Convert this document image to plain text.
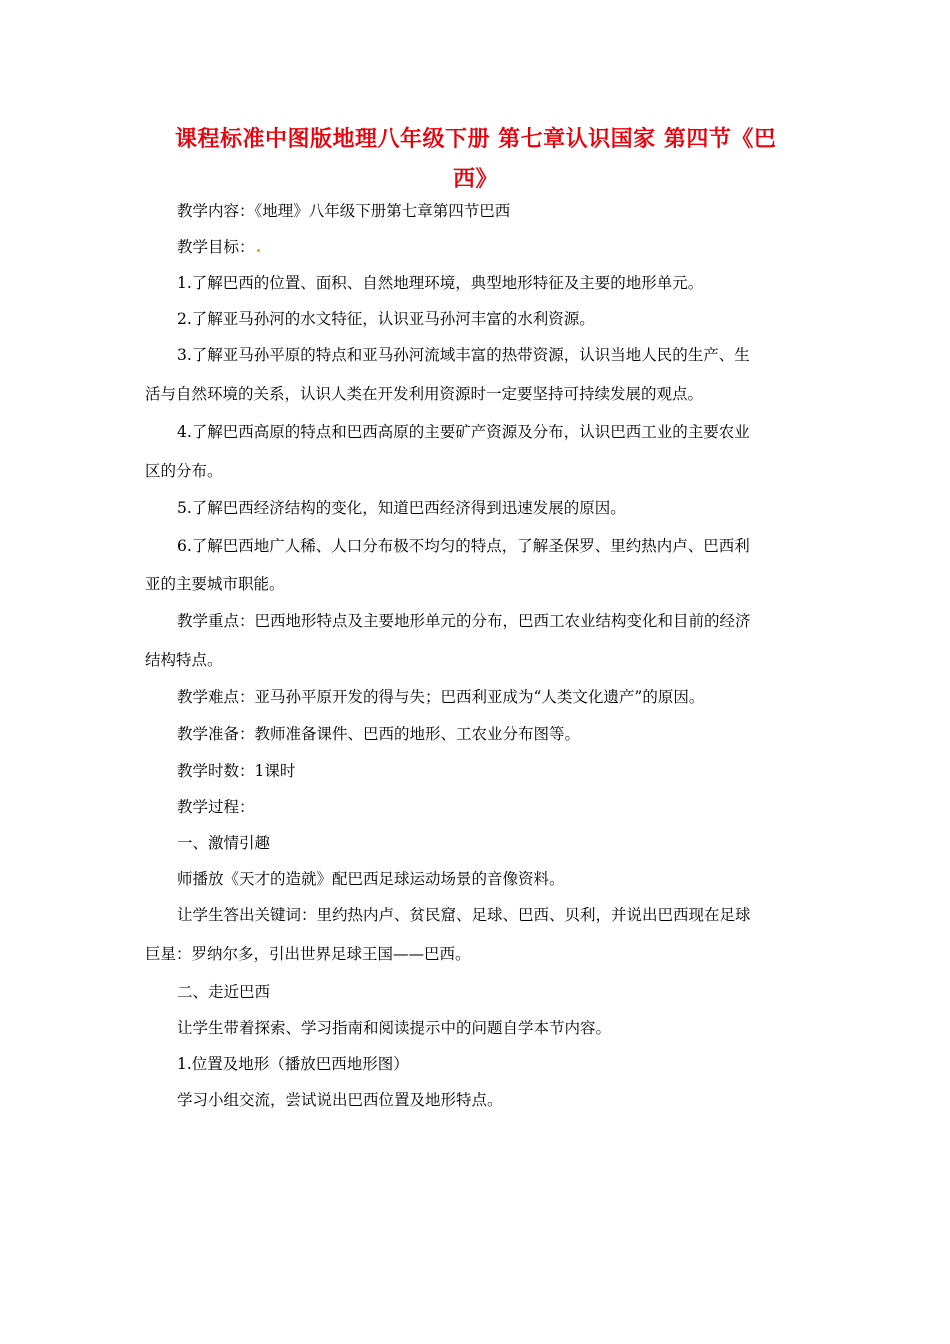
课程标准中图版地理八年级下册 第七章认识国家 第四节《巴
西》
教学内容：《地理》八年级下册第七章第四节巴西
教学目标：
1.了解巴西的位置、面积、自然地理环境，典型地形特征及主要的地形单元。
2.了解亚马孙河的水文特征，认识亚马孙河丰富的水利资源。
3.了解亚马孙平原的特点和亚马孙河流域丰富的热带资源，认识当地人民的生产、生
活与自然环境的关系，认识人类在开发利用资源时一定要坚持可持续发展的观点。
4.了解巴西高原的特点和巴西高原的主要矿产资源及分布，认识巴西工业的主要农业
区的分布。
5.了解巴西经济结构的变化，知道巴西经济得到迅速发展的原因。
6.了解巴西地广人稀、人口分布极不均匀的特点，了解圣保罗、里约热内卢、巴西利
亚的主要城市职能。
教学重点：巴西地形特点及主要地形单元的分布，巴西工农业结构变化和目前的经济
结构特点。
教学难点：亚马孙平原开发的得与失；巴西利亚成为“人类文化遗产”的原因。
教学准备：教师准备课件、巴西的地形、工农业分布图等。
教学时数：1课时
教学过程：
一、激情引趣
师播放《天才的造就》配巴西足球运动场景的音像资料。
让学生答出关键词：里约热内卢、贫民窟、足球、巴西、贝利，并说出巴西现在足球
巨星：罗纳尔多，引出世界足球王国——巴西。
二、走近巴西
让学生带着探索、学习指南和阅读提示中的问题自学本节内容。
1.位置及地形（播放巴西地形图）
学习小组交流，尝试说出巴西位置及地形特点。
